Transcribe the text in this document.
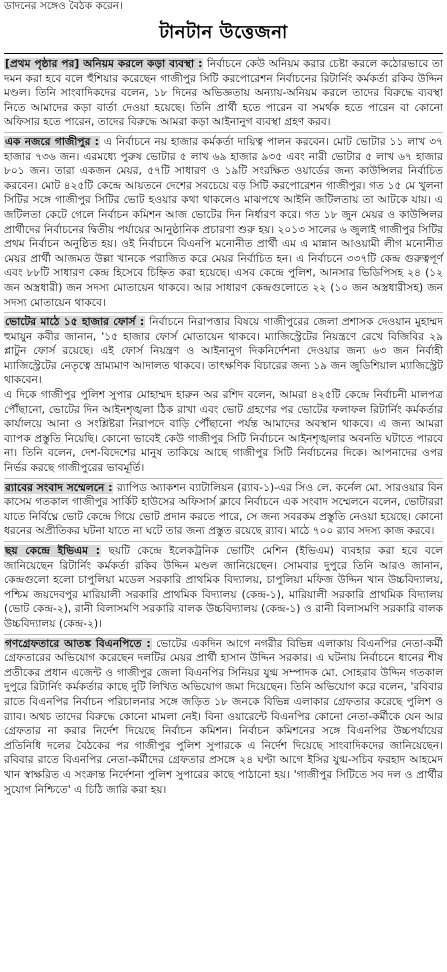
ডাদনের সঙ্গেও বৈঠক করেন।
টানটান উত্তেজনা

[প্রথম পৃষ্ঠার পর] অনিয়ম করলে কড়া ব্যবস্থা : নির্বাচনে কেউ অনিয়ম করার চেষ্টা করলে কঠোরভাবে তা দমন করা হবে বলে হুঁশিয়ার করেছেন গাজীপুর সিটি করপোরেশন নির্বাচনের রিটার্নিং কর্মকর্তা রকিব উদ্দিন মণ্ডল। তিনি সাংবাদিকদের বলেন, ১৮ দিনের অভিজ্ঞতায় অন্যায়-অনিয়ম করলে তাদের বিরুদ্ধে ব্যবস্থা নিতে আমাদের কড়া বার্তা দেওয়া হয়েছে। তিনি প্রার্থী হতে পারেন বা সমর্থক হতে পারেন বা কোনো অফিসার হতে পারেন, তাদের বিরুদ্ধে আমরা কড়া আইনানুগ ব্যবস্থা গ্রহণ করব।

এক নজরে গাজীপুর : এ নির্বাচনে নয় হাজার কর্মকর্তা দায়িত্ব পালন করবেন। মোট ভোটার ১১ লাখ ৩৭ হাজার ৭৩৬ জন। এরমধ্যে পুরুষ ভোটার ৫ লাখ ৬৯ হাজার ৯৩৫ এবং নারী ভোটার ৫ লাখ ৬৭ হাজার ৮০১ জন। তারা একজন মেয়র, ৫৭টি সাধারণ ও ১৯টি সংরক্ষিত ওয়ার্ডের জন্য কাউন্সিলর নির্বাচিত করবেন। মোট ৪২৫টি কেন্দ্রে আয়তনে দেশের সবচেয়ে বড় সিটি করপোরেশন গাজীপুর। গত ১৫ মে খুলনা সিটির সঙ্গে গাজীপুর সিটির ভোট হওয়ার কথা থাকলেও মাঝপথে আইনি জটিলতায় তা আটকে যায়। এ জটিলতা কেটে গেলে নির্বাচন কমিশন আজ ভোটের দিন নির্ধারণ করে। গত ১৮ জুন মেয়র ও কাউন্সিলর প্রার্থীদের নির্বাচনের দ্বিতীয় পর্যায়ের আনুষ্ঠানিক প্রচারণা শুরু হয়। ২০১৩ সালের ৬ জুলাই গাজীপুর সিটির প্রথম নির্বাচন অনুষ্ঠিত হয়। ওই নির্বাচনে বিএনপি মনোনীত প্রার্থী এম এ মান্নান আওয়ামী লীগ মনোনীত মেয়র প্রার্থী আজমত উল্লা খানকে পরাজিত করে মেয়র নির্বাচিত হন। এ নির্বাচনে ৩৩৭টি কেন্দ্র গুরুত্বপূর্ণ এবং ৮৮টি সাধারণ কেন্দ্র হিসেবে চিহ্নিত করা হয়েছে। এসব কেন্দ্রে পুলিশ, আনসার ভিডিপিসহ ২৪ (১২ জন অস্ত্রধারী) জন সদস্য মোতায়েন থাকবে। আর সাধারণ কেন্দ্রগুলোতে ২২ (১০ জন অস্ত্রধারীসহ) জন সদস্য মোতায়েন থাকবে।

ভোটের মাঠে ১৫ হাজার ফোর্স : নির্বাচনে নিরাপত্তার বিষয়ে গাজীপুরের জেলা প্রশাসক দেওয়ান মুহাম্মদ হুমায়ুন কবীর জানান, '১৫ হাজার ফোর্স মোতায়েন থাকবে। ম্যাজিস্ট্রেটের নিয়ন্ত্রণে রেখে বিজিবির ২৯ প্লাটুন ফোর্স রয়েছে। এই ফোর্স নিয়ন্ত্রণ ও আইনানুগ দিকনির্দেশনা দেওয়ার জন্য ৬৩ জন নির্বাহী ম্যাজিস্ট্রেটের নেতৃত্বে ভ্রাম্যমাণ আদালত থাকবে। তাৎক্ষণিক বিচারের জন্য ১৯ জন জুডিশিয়াল ম্যাজিস্ট্রেট থাকবেন।
এ দিকে গাজীপুর পুলিশ সুপার মোহাম্মদ হারুন অর রশিদ বলেন, আমরা ৪২৫টি কেন্দ্রে নির্বাচনী মালপত্র পৌঁছানো, ভোটের দিন আইনশৃঙ্খলা ঠিক রাখা এবং ভোট গ্রহণের পর ভোটের ফলাফল রিটার্নিং কর্মকর্তার কার্যালয়ে আনা ও সংশ্লিষ্টরা নিরাপদে বাড়ি পৌঁছানো পর্যন্ত আমাদের অবস্থান থাকবে। এ জন্য আমরা ব্যাপক প্রস্তুতি নিয়েছি। কোনো ভাবেই কেউ গাজীপুর সিটি নির্বাচনে আইনশৃঙ্খলার অবনতি ঘটাতে পারবে না। তিনি বলেন, দেশ-বিদেশের মানুষ তাকিয়ে আছে গাজীপুর সিটি নির্বাচনের দিকে। আপনাদের ওপর নির্ভর করছে গাজীপুরের ভাবমূর্তি।

র‍্যাবের সংবাদ সম্মেলনে : র‍্যাপিড অ্যাকশন ব্যাটালিয়ন (র‍্যাব-১)-এর সিও লে. কর্নেল মো. সারওয়ার বিন কাসেম গতকাল গাজীপুর সার্কিট হাউসের অফিসার্স ক্লাবে নির্বাচনে এক সংবাদ সম্মেলনে বলেন, ভোটাররা যাতে নির্বিঘ্নে ভোট কেন্দ্রে গিয়ে ভোট প্রদান করতে পারে, সে জন্য সবরকম প্রস্তুতি নেওয়া হয়েছে। কোনো ধরনের অপ্রীতিকর ঘটনা যাতে না ঘটে তার জন্য প্রস্তুত রয়েছে র‍্যাব। মাঠে ৭০০ র‍্যাব সদস্য কাজ করবে।

ছয় কেন্দ্রে ইভিএম : ছয়টি কেন্দ্রে ইলেকট্রনিক ভোটিং মেশিন (ইভিএম) ব্যবহার করা হবে বলে জানিয়েছেন রিটার্নিং কর্মকর্তা রকিব উদ্দিন মণ্ডল জানিয়েছেন। সোমবার দুপুরে তিনি আরও জানান, কেন্দ্রগুলো হলো চাপুলিয়া মডেল সরকারি প্রাথমিক বিদ্যালয়, চাপুলিয়া মফিজ উদ্দিন খান উচ্চবিদ্যালয়, পশ্চিম জয়দেবপুর মারিয়ালী সরকারি প্রাথমিক বিদ্যালয় (কেন্দ্র-১), মারিয়ালী সরকারি প্রাথমিক বিদ্যালয় (ভোট কেন্দ্র-২), রানী বিলাসমণি সরকারি বালক উচ্চবিদ্যালয় (কেন্দ্র-১) ও রানী বিলাসমণি সরকারি বালক উচ্চবিদ্যালয় (কেন্দ্র-২)।

গণগ্রেফতারে আতঙ্ক বিএনপিতে : ভোটের একদিন আগে নগরীর বিভিন্ন এলাকায় বিএনপির নেতা-কর্মী গ্রেফতারের অভিযোগ করেছেন দলটির মেয়র প্রার্থী হাসান উদ্দিন সরকার। এ ঘটনায় নির্বাচনে ধানের শীষ প্রতীকের প্রধান এজেন্ট ও গাজীপুর জেলা বিএনপির সিনিয়র যুগ্ম সম্পাদক মো. সোহরাব উদ্দিন গতকাল দুপুরে রিটার্নিং কর্মকর্তার কাছে দুটি লিখিত অভিযোগ জমা দিয়েছেন। তিনি অভিযোগ করে বলেন, 'রবিবার রাতে বিএনপির নির্বাচন পরিচালনার সঙ্গে জড়িত ১৮ জনকে বিভিন্ন এলাকার গ্রেফতার করেছে পুলিশ ও র‍্যাব। অথচ তাদের বিরুদ্ধে কোনো মামলা নেই। বিনা ওয়ারেন্টে বিএনপির কোনো নেতা-কর্মীকে যেন আর গ্রেফতার না করার নির্দেশ দিয়েছে নির্বাচন কমিশন। নির্বাচন কমিশনের সঙ্গে বিএনপির উচ্চপর্যায়ের প্রতিনিধি দলের বৈঠকের পর গাজীপুর পুলিশ সুপারকে এ নির্দেশ দিয়েছে সাংবাদিকদের জানিয়েছেন। রবিবার রাতে বিএনপির নেতা-কর্মীদের গ্রেফতার প্রসঙ্গে ২৪ ঘণ্টা আগে ইসির যুগ্ম-সচিব ফরহাদ আহমেদ খান স্বাক্ষরিত এ সংক্রান্ত নির্দেশনা পুলিশ সুপারের কাছে পাঠানো হয়। 'গাজীপুর সিটিতে সব দল ও প্রার্থীর সুযোগ নিশ্চিতে' এ চিঠি জারি করা হয়।
